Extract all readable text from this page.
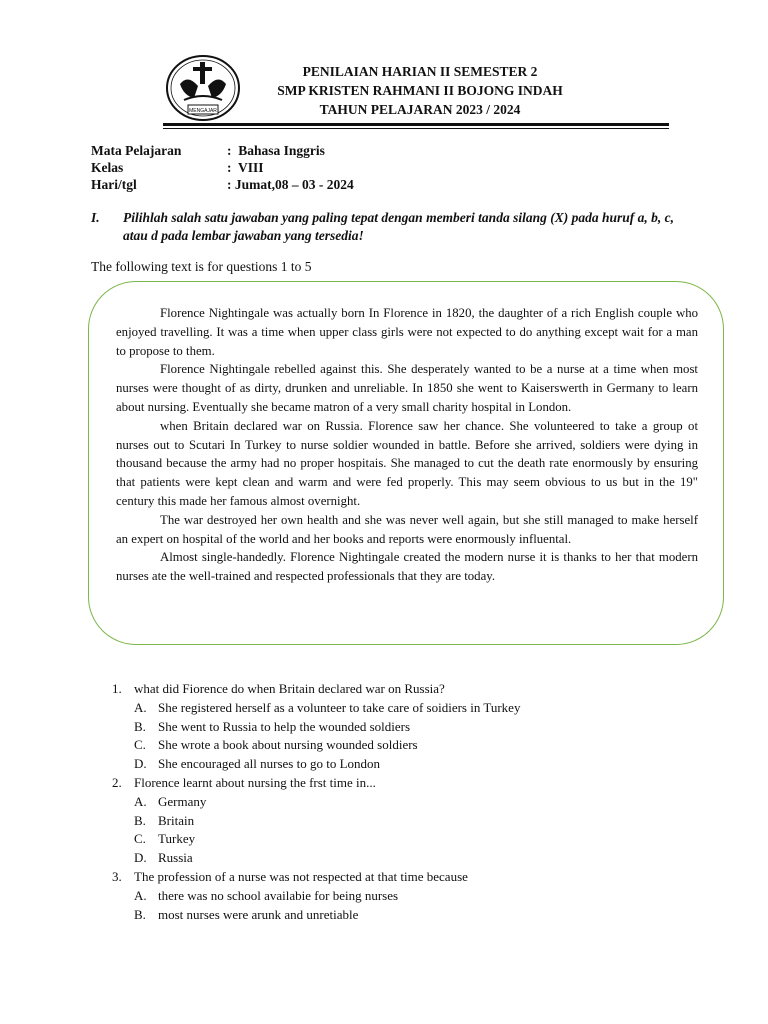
MENGAJAR
PENILAIAN HARIAN II SEMESTER 2
SMP KRISTEN RAHMANI II BOJONG INDAH
TAHUN PELAJARAN 2023 / 2024
Mata Pelajaran	:  Bahasa Inggris
Kelas	:  VIII
Hari/tgl	: Jumat,08 – 03 - 2024
I. Pilihlah salah satu jawaban yang paling tepat dengan memberi tanda silang (X) pada huruf a, b, c, atau d pada lembar jawaban yang tersedia!
The following text is for questions 1 to 5

Florence Nightingale was actually born In Florence in 1820, the daughter of a rich English couple who enjoyed travelling. It was a time when upper class girls were not expected to do anything except wait for a man to propose to them.

Florence Nightingale rebelled against this. She desperately wanted to be a nurse at a time when most nurses were thought of as dirty, drunken and unreliable. In 1850 she went to Kaiserswerth in Germany to learn about nursing. Eventually she became matron of a very small charity hospital in London.

when Britain declared war on Russia. Florence saw her chance. She volunteered to take a group ot nurses out to Scutari In Turkey to nurse soldier wounded in battle. Before she arrived, soldiers were dying in thousand because the army had no proper hospitais. She managed to cut the death rate enormously by ensuring that patients were kept clean and warm and were fed properly. This may seem obvious to us but in the 19" century this made her famous almost overnight.

The war destroyed her own health and she was never well again, but she still managed to make herself an expert on hospital of the world and her books and reports were enormously influental.

Almost single-handedly. Florence Nightingale created the modern nurse it is thanks to her that modern nurses ate the well-trained and respected professionals that they are today.

1. what did Fiorence do when Britain declared war on Russia?
A. She registered herself as a volunteer to take care of soidiers in Turkey
B. She went to Russia to help the wounded soldiers
C. She wrote a book about nursing wounded soldiers
D. She encouraged all nurses to go to London
2. Florence learnt about nursing the frst time in...
A. Germany
B. Britain
C. Turkey
D. Russia
3. The profession of a nurse was not respected at that time because
A. there was no school availabie for being nurses
B. most nurses were arunk and unretiable
